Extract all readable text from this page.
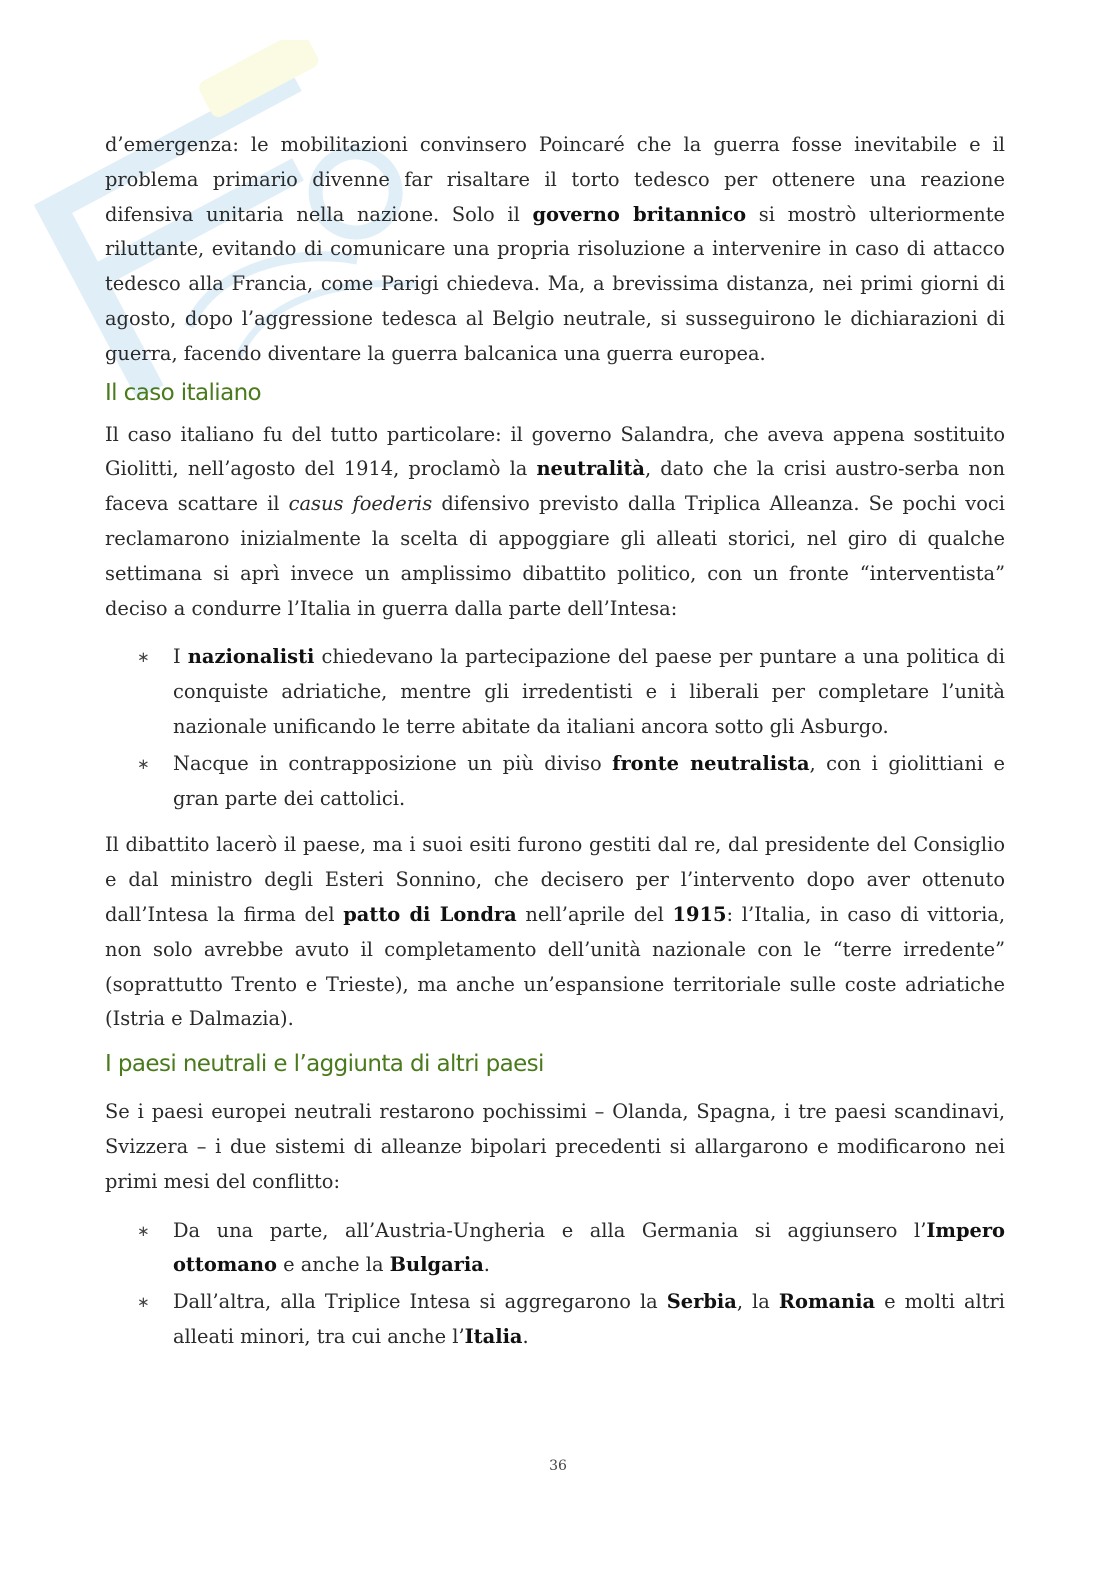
d’emergenza: le mobilitazioni convinsero Poincaré che la guerra fosse inevitabile e il problema primario divenne far risaltare il torto tedesco per ottenere una reazione difensiva unitaria nella nazione. Solo il governo britannico si mostrò ulteriormente riluttante, evitando di comunicare una propria risoluzione a intervenire in caso di attacco tedesco alla Francia, come Parigi chiedeva. Ma, a brevissima distanza, nei primi giorni di agosto, dopo l’aggressione tedesca al Belgio neutrale, si susseguirono le dichiarazioni di guerra, facendo diventare la guerra balcanica una guerra europea.

Il caso italiano

Il caso italiano fu del tutto particolare: il governo Salandra, che aveva appena sostituito Giolitti, nell’agosto del 1914, proclamò la neutralità, dato che la crisi austro-serba non faceva scattare il casus foederis difensivo previsto dalla Triplica Alleanza. Se pochi voci reclamarono inizialmente la scelta di appoggiare gli alleati storici, nel giro di qualche settimana si aprì invece un amplissimo dibattito politico, con un fronte “interventista” deciso a condurre l’Italia in guerra dalla parte dell’Intesa:

∗ I nazionalisti chiedevano la partecipazione del paese per puntare a una politica di conquiste adriatiche, mentre gli irredentisti e i liberali per completare l’unità nazionale unificando le terre abitate da italiani ancora sotto gli Asburgo.
∗ Nacque in contrapposizione un più diviso fronte neutralista, con i giolittiani e gran parte dei cattolici.

Il dibattito lacerò il paese, ma i suoi esiti furono gestiti dal re, dal presidente del Consiglio e dal ministro degli Esteri Sonnino, che decisero per l’intervento dopo aver ottenuto dall’Intesa la firma del patto di Londra nell’aprile del 1915: l’Italia, in caso di vittoria, non solo avrebbe avuto il completamento dell’unità nazionale con le “terre irredente” (soprattutto Trento e Trieste), ma anche un’espansione territoriale sulle coste adriatiche (Istria e Dalmazia).

I paesi neutrali e l’aggiunta di altri paesi

Se i paesi europei neutrali restarono pochissimi – Olanda, Spagna, i tre paesi scandinavi, Svizzera – i due sistemi di alleanze bipolari precedenti si allargarono e modificarono nei primi mesi del conflitto:

∗ Da una parte, all’Austria-Ungheria e alla Germania si aggiunsero l’Impero ottomano e anche la Bulgaria.
∗ Dall’altra, alla Triplice Intesa si aggregarono la Serbia, la Romania e molti altri alleati minori, tra cui anche l’Italia.
36
